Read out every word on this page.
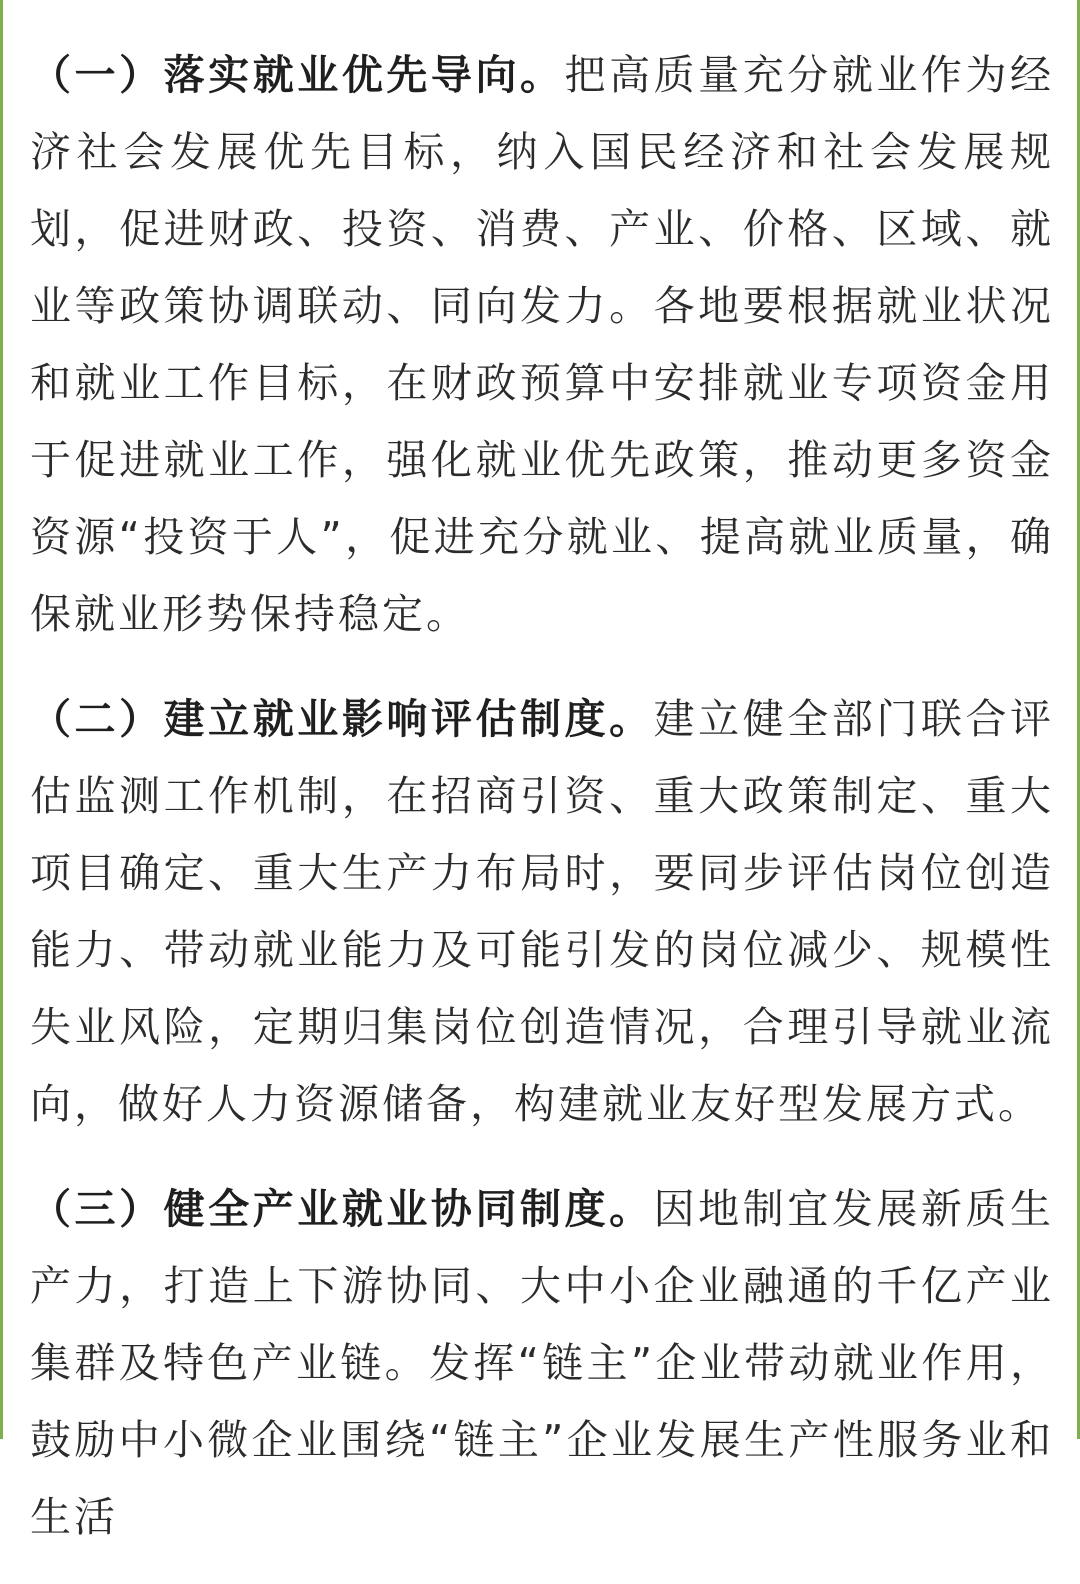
（一）落实就业优先导向。把高质量充分就业作为经济社会发展优先目标，纳入国民经济和社会发展规划，促进财政、投资、消费、产业、价格、区域、就业等政策协调联动、同向发力。各地要根据就业状况和就业工作目标，在财政预算中安排就业专项资金用于促进就业工作，强化就业优先政策，推动更多资金资源“投资于人”，促进充分就业、提高就业质量，确保就业形势保持稳定。

（二）建立就业影响评估制度。建立健全部门联合评估监测工作机制，在招商引资、重大政策制定、重大项目确定、重大生产力布局时，要同步评估岗位创造能力、带动就业能力及可能引发的岗位减少、规模性失业风险，定期归集岗位创造情况，合理引导就业流向，做好人力资源储备，构建就业友好型发展方式。

（三）健全产业就业协同制度。因地制宜发展新质生产力，打造上下游协同、大中小企业融通的千亿产业集群及特色产业链。发挥“链主”企业带动就业作用，鼓励中小微企业围绕“链主”企业发展生产性服务业和生活
